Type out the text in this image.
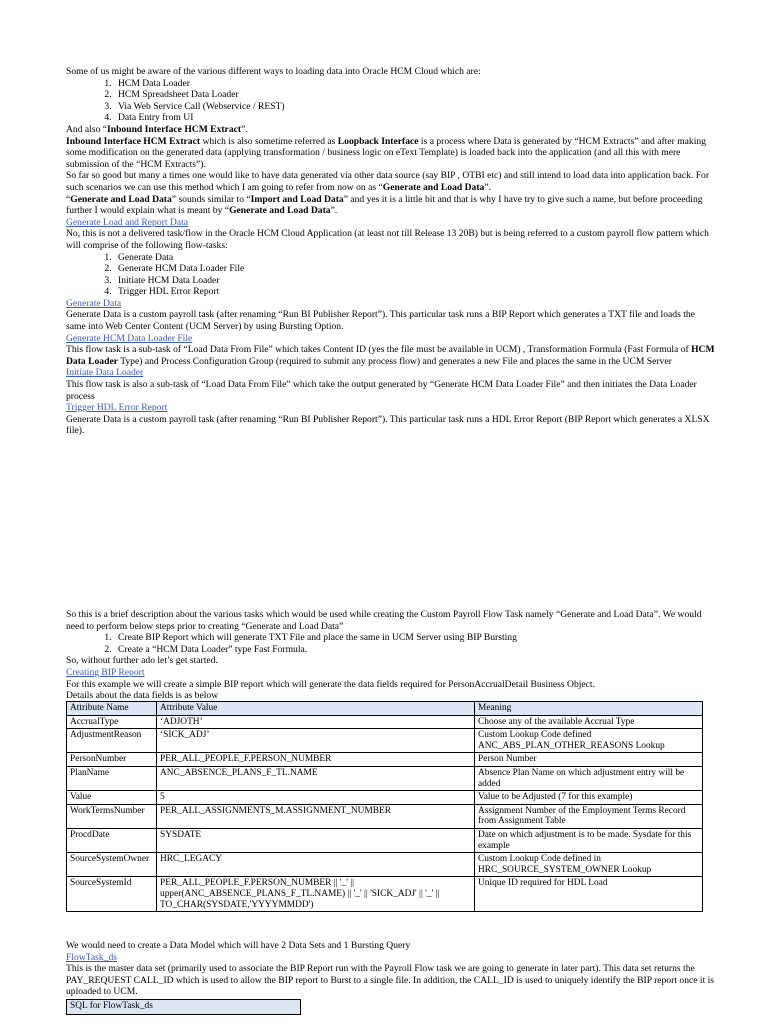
Some of us might be aware of the various different ways to loading data into Oracle HCM Cloud which are:

1. HCM Data Loader
2. HCM Spreadsheet Data Loader
3. Via Web Service Call (Webservice / REST)
4. Data Entry from UI

And also “Inbound Interface HCM Extract”.

Inbound Interface HCM Extract which is also sometime referred as Loopback Interface is a process where Data is generated by “HCM Extracts” and after making some modification on the generated data (applying transformation / business logic on eText Template) is loaded back into the application (and all this with mere submission of the “HCM Extracts”).

So far so good but many a times one would like to have data generated via other data source (say BIP , OTBI etc) and still intend to load data into application back. For such scenarios we can use this method which I am going to refer from now on as “Generate and Load Data”.

“Generate and Load Data” sounds similar to “Import and Load Data” and yes it is a little bit and that is why I have try to give such a name, but before proceeding further I would explain what is meant by “Generate and Load Data”.

Generate Load and Report Data

No, this is not a delivered task/flow in the Oracle HCM Cloud Application (at least not till Release 13 20B) but is being referred to a custom payroll flow pattern which will comprise of the following flow-tasks:

1. Generate Data
2. Generate HCM Data Loader File
3. Initiate HCM Data Loader
4. Trigger HDL Error Report

Generate Data

Generate Data is a custom payroll task (after renaming “Run BI Publisher Report”). This particular task runs a BIP Report which generates a TXT file and loads the same into Web Center Content (UCM Server) by using Bursting Option.

Generate HCM Data Loader File

This flow task is a sub-task of “Load Data From File” which takes Content ID (yes the file must be available in UCM) , Transformation Formula (Fast Formula of HCM Data Loader Type) and Process Configuration Group (required to submit any process flow) and generates a new File and places the same in the UCM Server

Initiate Data Loader

This flow task is also a sub-task of “Load Data From File” which take the output generated by “Generate HCM Data Loader File” and then initiates the Data Loader process

Trigger HDL Error Report

Generate Data is a custom payroll task (after renaming “Run BI Publisher Report”). This particular task runs a HDL Error Report (BIP Report which generates a XLSX file).

So this is a brief description about the various tasks which would be used while creating the Custom Payroll Flow Task namely “Generate and Load Data”. We would need to perform below steps prior to creating “Generate and Load Data”

1. Create BIP Report which will generate TXT File and place the same in UCM Server using BIP Bursting
2. Create a “HCM Data Loader” type Fast Formula.

So, without further ado let’s get started.

Creating BIP Report

For this example we will create a simple BIP report which will generate the data fields required for PersonAccrualDetail Business Object.

Details about the data fields is as below

Attribute Name	Attribute Value	Meaning
AccrualType	‘ADJOTH’	Choose any of the available Accrual Type
AdjustmentReason	‘SICK_ADJ’	Custom Lookup Code defined ANC_ABS_PLAN_OTHER_REASONS Lookup
PersonNumber	PER_ALL_PEOPLE_F.PERSON_NUMBER	Person Number
PlanName	ANC_ABSENCE_PLANS_F_TL.NAME	Absence Plan Name on which adjustment entry will be added
Value	5	Value to be Adjusted (7 for this example)
WorkTermsNumber	PER_ALL_ASSIGNMENTS_M.ASSIGNMENT_NUMBER	Assignment Number of the Employment Terms Record from Assignment Table
ProcdDate	SYSDATE	Date on which adjustment is to be made. Sysdate for this example
SourceSystemOwner	HRC_LEGACY	Custom Lookup Code defined in HRC_SOURCE_SYSTEM_OWNER Lookup
SourceSystemId	PER_ALL_PEOPLE_F.PERSON_NUMBER || '_' || upper(ANC_ABSENCE_PLANS_F_TL.NAME) || '_' || 'SICK_ADJ' || '_' || TO_CHAR(SYSDATE,'YYYYMMDD')	Unique ID required for HDL Load

We would need to create a Data Model which will have 2 Data Sets and 1 Bursting Query

FlowTask_ds

This is the master data set (primarily used to associate the BIP Report run with the Payroll Flow task we are going to generate in later part). This data set returns the PAY_REQUEST CALL_ID which is used to allow the BIP report to Burst to a single file. In addition, the CALL_ID is used to uniquely identify the BIP report once it is uploaded to UCM.

SQL for FlowTask_ds
